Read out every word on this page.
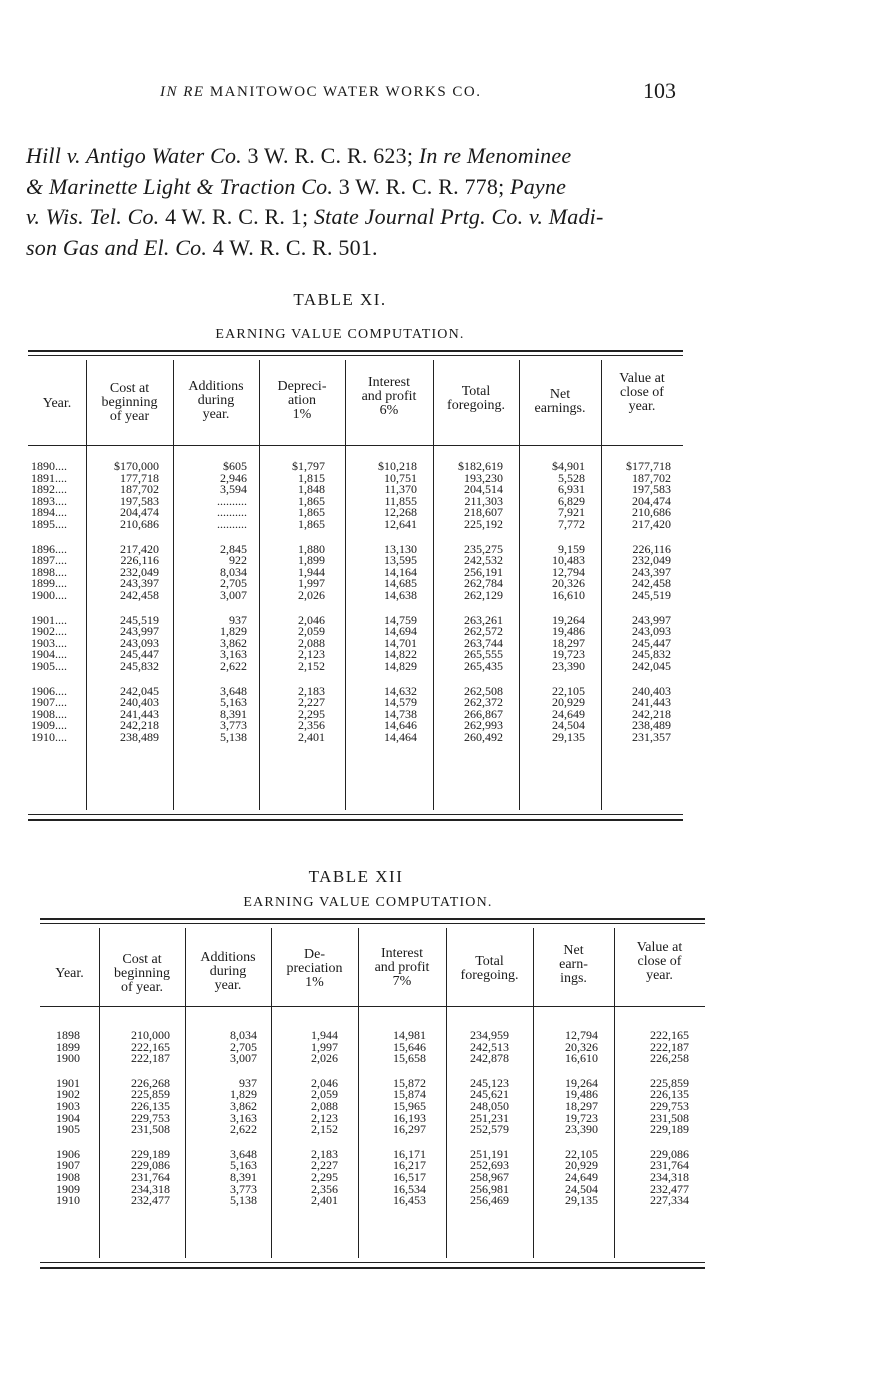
IN RE MANITOWOC WATER WORKS CO.	103
Hill v. Antigo Water Co. 3 W. R. C. R. 623; In re Menominee
& Marinette Light & Traction Co. 3 W. R. C. R. 778; Payne
v. Wis. Tel. Co. 4 W. R. C. R. 1; State Journal Prtg. Co. v. Madi-
son Gas and El. Co. 4 W. R. C. R. 501.
TABLE XI.
EARNING VALUE COMPUTATION.
Year.
Cost at
beginning
of year
Additions
during
year.
Depreci-
ation
1%
Interest
and profit
6%
Total
foregoing.
Net
earnings.
Value at
close of
year.
1890....
1891....
1892....
1893....
1894....
1895....
1896....
1897....
1898....
1899....
1900....
1901....
1902....
1903....
1904....
1905....
1906....
1907....
1908....
1909....
1910....
$170,000
177,718
187,702
197,583
204,474
210,686
217,420
226,116
232,049
243,397
242,458
245,519
243,997
243,093
245,447
245,832
242,045
240,403
241,443
242,218
238,489
$605
2,946
3,594
..........
..........
..........
2,845
922
8,034
2,705
3,007
937
1,829
3,862
3,163
2,622
3,648
5,163
8,391
3,773
5,138
$1,797
1,815
1,848
1,865
1,865
1,865
1,880
1,899
1,944
1,997
2,026
2,046
2,059
2,088
2,123
2,152
2,183
2,227
2,295
2,356
2,401
$10,218
10,751
11,370
11,855
12,268
12,641
13,130
13,595
14,164
14,685
14,638
14,759
14,694
14,701
14,822
14,829
14,632
14,579
14,738
14,646
14,464
$182,619
193,230
204,514
211,303
218,607
225,192
235,275
242,532
256,191
262,784
262,129
263,261
262,572
263,744
265,555
265,435
262,508
262,372
266,867
262,993
260,492
$4,901
5,528
6,931
6,829
7,921
7,772
9,159
10,483
12,794
20,326
16,610
19,264
19,486
18,297
19,723
23,390
22,105
20,929
24,649
24,504
29,135
$177,718
187,702
197,583
204,474
210,686
217,420
226,116
232,049
243,397
242,458
245,519
243,997
243,093
245,447
245,832
242,045
240,403
241,443
242,218
238,489
231,357
TABLE XII
EARNING VALUE COMPUTATION.
Year.
Cost at
beginning
of year.
Additions
during
year.
De-
preciation
1%
Interest
and profit
7%
Total
foregoing.
Net
earn-
ings.
Value at
close of
year.
1898
1899
1900
1901
1902
1903
1904
1905
1906
1907
1908
1909
1910
210,000
222,165
222,187
226,268
225,859
226,135
229,753
231,508
229,189
229,086
231,764
234,318
232,477
8,034
2,705
3,007
937
1,829
3,862
3,163
2,622
3,648
5,163
8,391
3,773
5,138
1,944
1,997
2,026
2,046
2,059
2,088
2,123
2,152
2,183
2,227
2,295
2,356
2,401
14,981
15,646
15,658
15,872
15,874
15,965
16,193
16,297
16,171
16,217
16,517
16,534
16,453
234,959
242,513
242,878
245,123
245,621
248,050
251,231
252,579
251,191
252,693
258,967
256,981
256,469
12,794
20,326
16,610
19,264
19,486
18,297
19,723
23,390
22,105
20,929
24,649
24,504
29,135
222,165
222,187
226,258
225,859
226,135
229,753
231,508
229,189
229,086
231,764
234,318
232,477
227,334
